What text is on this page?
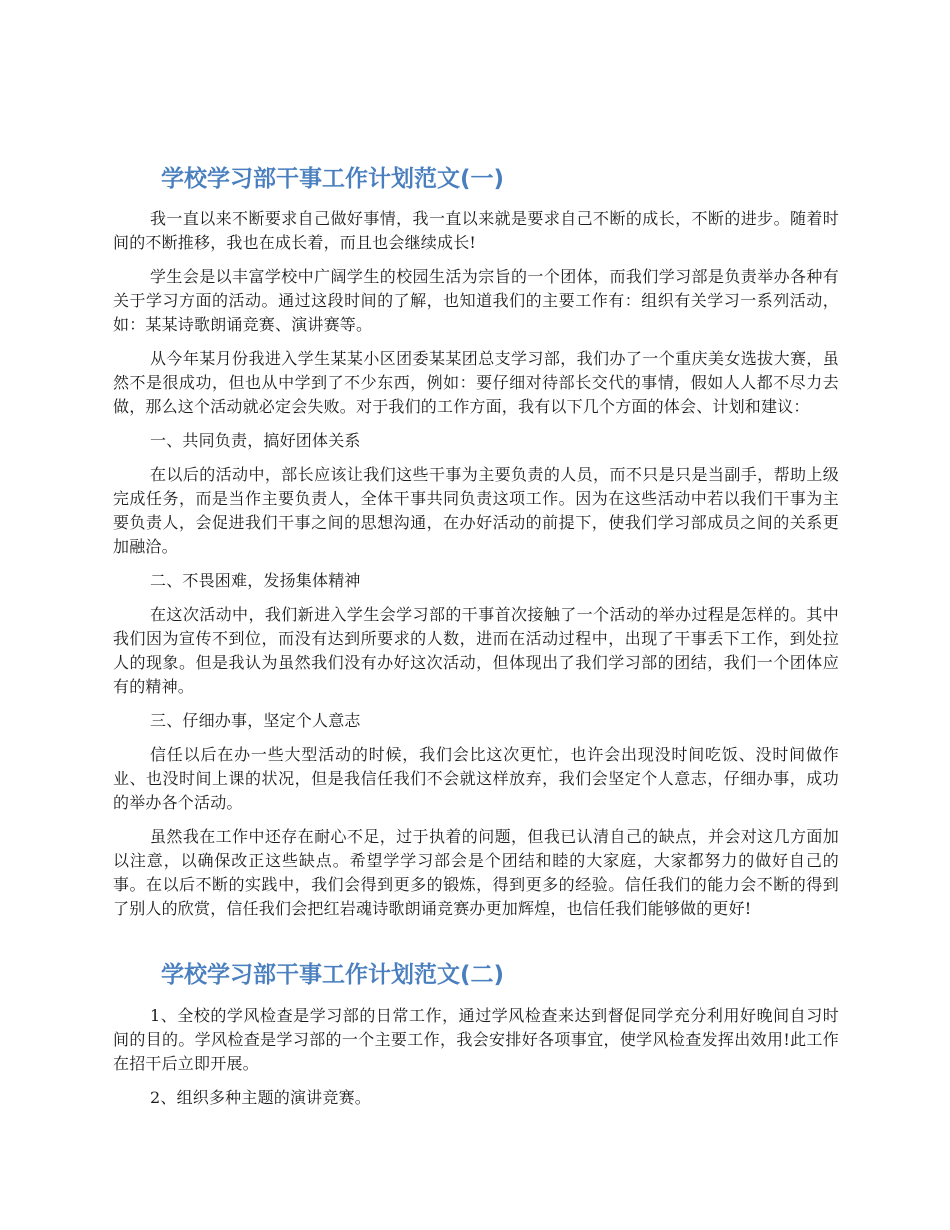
学校学习部干事工作计划范文(一)

我一直以来不断要求自己做好事情，我一直以来就是要求自己不断的成长，不断的进步。随着时间的不断推移，我也在成长着，而且也会继续成长!

学生会是以丰富学校中广阔学生的校园生活为宗旨的一个团体，而我们学习部是负责举办各种有关于学习方面的活动。通过这段时间的了解，也知道我们的主要工作有：组织有关学习一系列活动，如：某某诗歌朗诵竞赛、演讲赛等。

从今年某月份我进入学生某某小区团委某某团总支学习部，我们办了一个重庆美女选拔大赛，虽然不是很成功，但也从中学到了不少东西，例如：要仔细对待部长交代的事情，假如人人都不尽力去做，那么这个活动就必定会失败。对于我们的工作方面，我有以下几个方面的体会、计划和建议：

一、共同负责，搞好团体关系

在以后的活动中，部长应该让我们这些干事为主要负责的人员，而不只是只是当副手，帮助上级完成任务，而是当作主要负责人，全体干事共同负责这项工作。因为在这些活动中若以我们干事为主要负责人，会促进我们干事之间的思想沟通，在办好活动的前提下，使我们学习部成员之间的关系更加融洽。

二、不畏困难，发扬集体精神

在这次活动中，我们新进入学生会学习部的干事首次接触了一个活动的举办过程是怎样的。其中我们因为宣传不到位，而没有达到所要求的人数，进而在活动过程中，出现了干事丢下工作，到处拉人的现象。但是我认为虽然我们没有办好这次活动，但体现出了我们学习部的团结，我们一个团体应有的精神。

三、仔细办事，坚定个人意志

信任以后在办一些大型活动的时候，我们会比这次更忙，也许会出现没时间吃饭、没时间做作业、也没时间上课的状况，但是我信任我们不会就这样放弃，我们会坚定个人意志，仔细办事，成功的举办各个活动。

虽然我在工作中还存在耐心不足，过于执着的问题，但我已认清自己的缺点，并会对这几方面加以注意，以确保改正这些缺点。希望学学习部会是个团结和睦的大家庭，大家都努力的做好自己的事。在以后不断的实践中，我们会得到更多的锻炼，得到更多的经验。信任我们的能力会不断的得到了别人的欣赏，信任我们会把红岩魂诗歌朗诵竞赛办更加辉煌，也信任我们能够做的更好!

学校学习部干事工作计划范文(二)

1、全校的学风检查是学习部的日常工作，通过学风检查来达到督促同学充分利用好晚间自习时间的目的。学风检查是学习部的一个主要工作，我会安排好各项事宜，使学风检查发挥出效用!此工作在招干后立即开展。

2、组织多种主题的演讲竞赛。
